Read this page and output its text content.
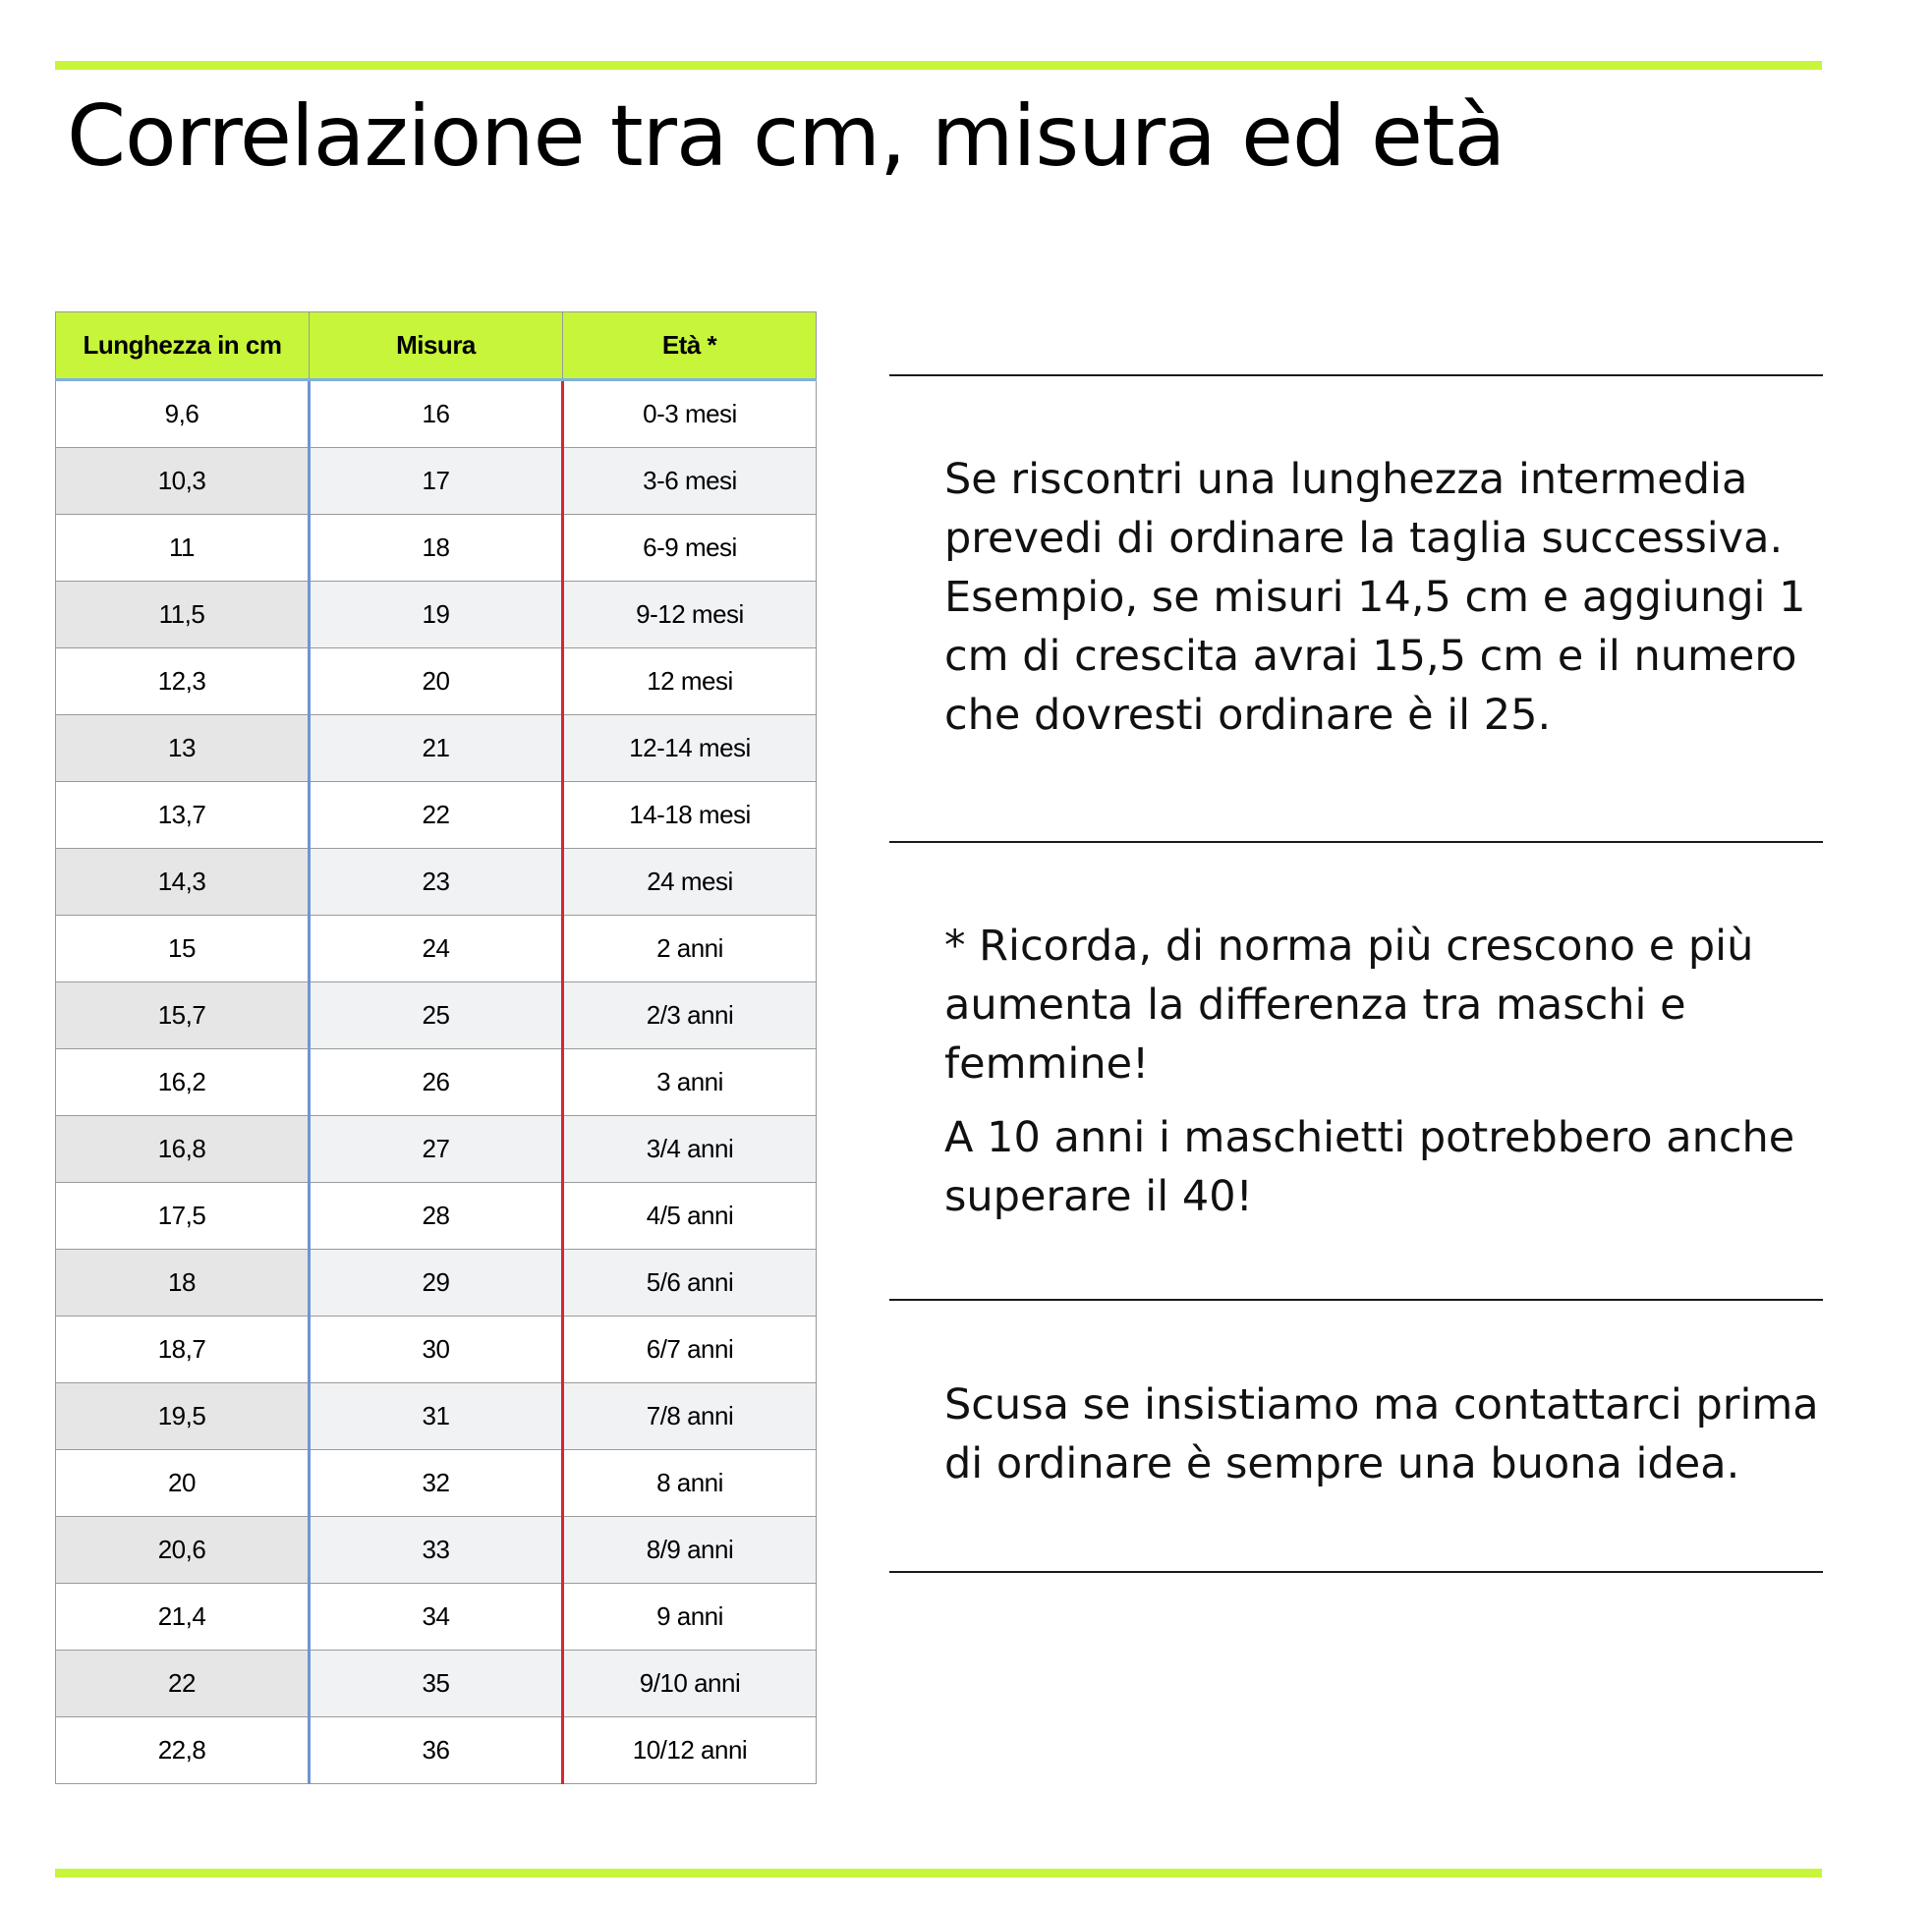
Correlazione tra cm, misura ed età
Lunghezza in cm	Misura	Età *
9,6	16	0-3 mesi
10,3	17	3-6 mesi
11	18	6-9 mesi
11,5	19	9-12 mesi
12,3	20	12 mesi
13	21	12-14 mesi
13,7	22	14-18 mesi
14,3	23	24 mesi
15	24	2 anni
15,7	25	2/3 anni
16,2	26	3 anni
16,8	27	3/4 anni
17,5	28	4/5 anni
18	29	5/6 anni
18,7	30	6/7 anni
19,5	31	7/8 anni
20	32	8 anni
20,6	33	8/9 anni
21,4	34	9 anni
22	35	9/10 anni
22,8	36	10/12 anni

Se riscontri una lunghezza intermedia prevedi di ordinare la taglia successiva. Esempio, se misuri 14,5 cm e aggiungi 1 cm di crescita avrai 15,5 cm e il numero che dovresti ordinare è il 25.

* Ricorda, di norma più crescono e più aumenta la differenza tra maschi e femmine!

A 10 anni i maschietti potrebbero anche superare il 40!

Scusa se insistiamo ma contattarci prima di ordinare è sempre una buona idea.
